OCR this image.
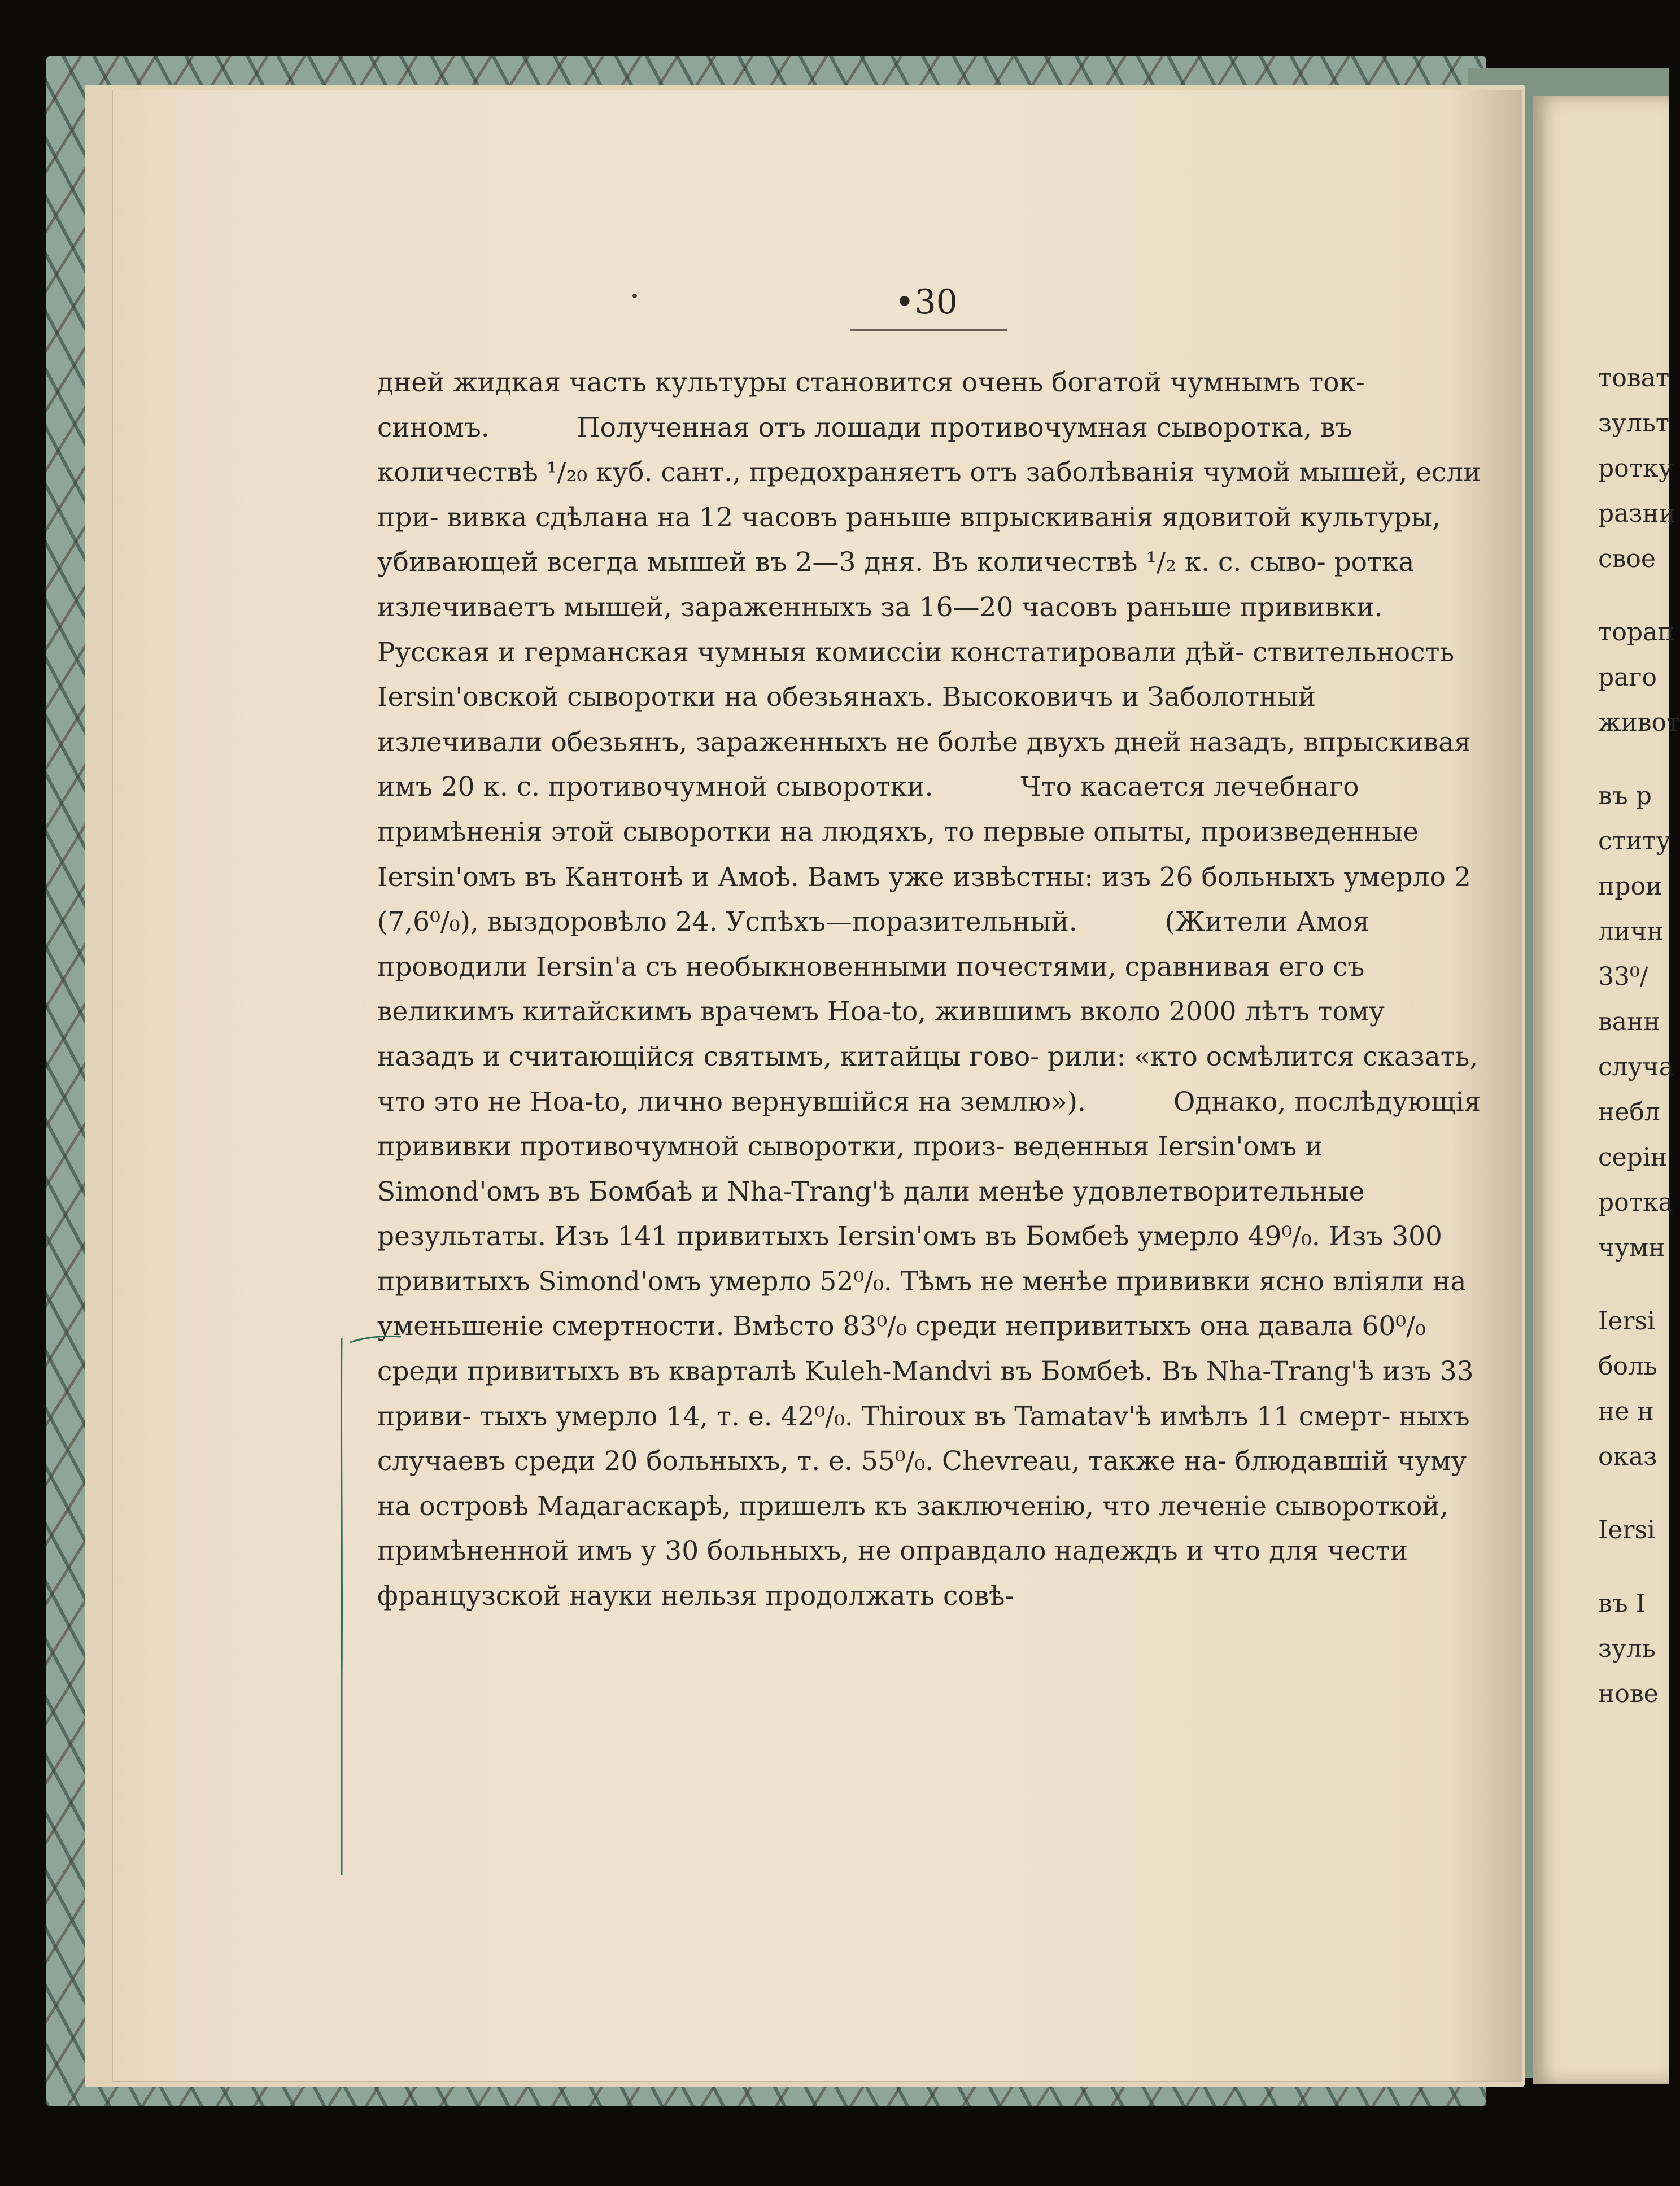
•30
дней жидкая часть культуры становится очень богатой чумнымъ ток- синомъ.	Полученная отъ лошади противочумная сыворотка, въ количествѣ ¹/₂₀ куб. сант., предохраняетъ отъ заболѣванія чумой мышей, если при- вивка сдѣлана на 12 часовъ раньше впрыскиванія ядовитой культуры, убивающей всегда мышей въ 2—3 дня. Въ количествѣ ¹/₂ к. с. сыво- ротка излечиваетъ мышей, зараженныхъ за 16—20 часовъ раньше прививки. Русская и германская чумныя комиссіи констатировали дѣй- ствительность Iersin'овской сыворотки на обезьянахъ. Высоковичъ и Заболотный излечивали обезьянъ, зараженныхъ не болѣе двухъ дней назадъ, впрыскивая имъ 20 к. с. противочумной сыворотки.	Что касается лечебнаго примѣненія этой сыворотки на людяхъ, то первые опыты, произведенные Iersin'омъ въ Кантонѣ и Амоѣ. Вамъ уже извѣстны: изъ 26 больныхъ умерло 2 (7,6⁰/₀), выздоровѣло 24. Успѣхъ—поразительный.	(Жители Амоя проводили Iersin'а съ необыкновенными почестями, сравнивая его съ великимъ китайскимъ врачемъ Hoa-to, жившимъ вколо 2000 лѣтъ тому назадъ и считающійся святымъ, китайцы гово- рили: «кто осмѣлится сказать, что это не Hoa-to, лично вернувшійся на землю»).	Однако, послѣдующія прививки противочумной сыворотки, произ- веденныя Iersin'омъ и Simond'омъ въ Бомбаѣ и Nha-Trang'ѣ дали менѣе удовлетворительные результаты. Изъ 141 привитыхъ Iersin'омъ въ Бомбеѣ умерло 49⁰/₀. Изъ 300 привитыхъ Simond'омъ умерло 52⁰/₀. Тѣмъ не менѣе прививки ясно вліяли на уменьшеніе смертности. Вмѣсто 83⁰/₀ среди непривитыхъ она давала 60⁰/₀ среди привитыхъ въ кварталѣ Kuleh-Mandvi въ Бомбеѣ. Въ Nha-Trang'ѣ изъ 33 приви- тыхъ умерло 14, т. е. 42⁰/₀. Thiroux въ Tamatav'ѣ имѣлъ 11 смерт- ныхъ случаевъ среди 20 больныхъ, т. е. 55⁰/₀. Chevreau, также на- блюдавшій чуму на островѣ Мадагаскарѣ, пришелъ къ заключенію, что леченіе сывороткой, примѣненной имъ у 30 больныхъ, не оправдало надеждъ и что для чести французской науки нельзя продолжать совѣ-
товат
зульт
ротку
разни
свое
торап
раго
живот
въ р
ститу
прои
личн
33⁰/
ванн
случа
небл
серін
ротка
чумн
Iersi
боль
не н
оказ
Iersi
въ I
зуль
нове
